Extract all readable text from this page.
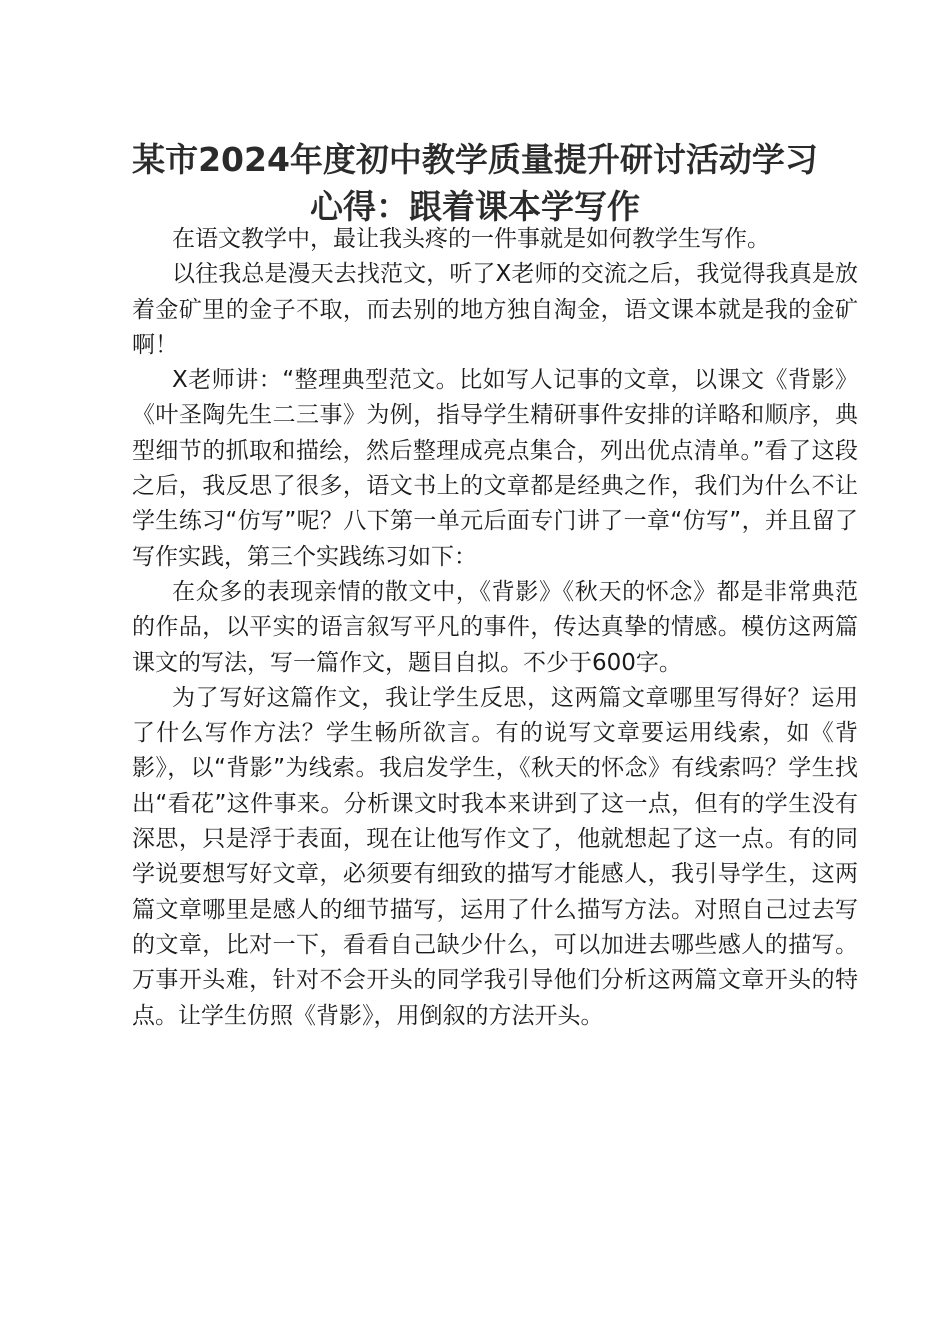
某市2024年度初中教学质量提升研讨活动学习心得：跟着课本学写作

在语文教学中，最让我头疼的一件事就是如何教学生写作。

以往我总是漫天去找范文，听了X老师的交流之后，我觉得我真是放着金矿里的金子不取，而去别的地方独自淘金，语文课本就是我的金矿啊！

X老师讲：“整理典型范文。比如写人记事的文章，以课文《背影》《叶圣陶先生二三事》为例，指导学生精研事件安排的详略和顺序，典型细节的抓取和描绘，然后整理成亮点集合，列出优点清单。”看了这段之后，我反思了很多，语文书上的文章都是经典之作，我们为什么不让学生练习“仿写”呢？八下第一单元后面专门讲了一章“仿写”，并且留了写作实践，第三个实践练习如下：

在众多的表现亲情的散文中，《背影》《秋天的怀念》都是非常典范的作品，以平实的语言叙写平凡的事件，传达真挚的情感。模仿这两篇课文的写法，写一篇作文，题目自拟。不少于600字。

为了写好这篇作文，我让学生反思，这两篇文章哪里写得好？运用了什么写作方法？学生畅所欲言。有的说写文章要运用线索，如《背影》，以“背影”为线索。我启发学生，《秋天的怀念》有线索吗？学生找出“看花”这件事来。分析课文时我本来讲到了这一点，但有的学生没有深思，只是浮于表面，现在让他写作文了，他就想起了这一点。有的同学说要想写好文章，必须要有细致的描写才能感人，我引导学生，这两篇文章哪里是感人的细节描写，运用了什么描写方法。对照自己过去写的文章，比对一下，看看自己缺少什么，可以加进去哪些感人的描写。万事开头难，针对不会开头的同学我引导他们分析这两篇文章开头的特点。让学生仿照《背影》，用倒叙的方法开头。
